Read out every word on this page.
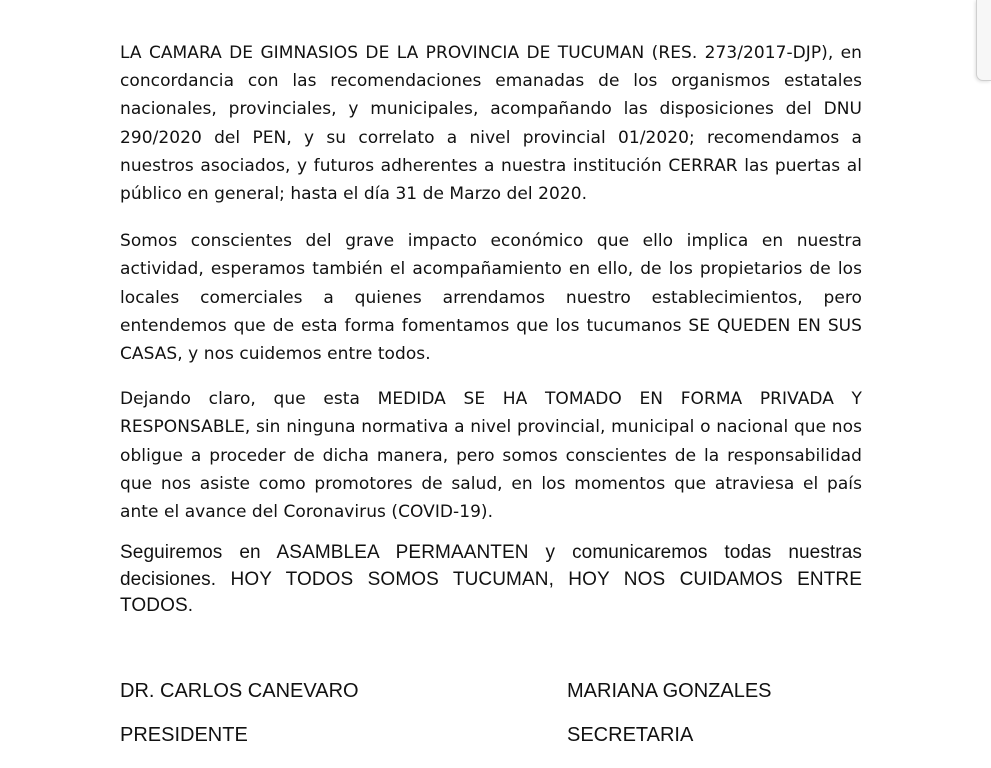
LA CAMARA DE GIMNASIOS DE LA PROVINCIA DE TUCUMAN (RES. 273/2017-DJP), en concordancia con las recomendaciones emanadas de los organismos estatales nacionales, provinciales, y municipales, acompañando las disposiciones del DNU 290/2020 del PEN, y su correlato a nivel provincial 01/2020; recomendamos a nuestros asociados, y futuros adherentes a nuestra institución CERRAR las puertas al público en general; hasta el día 31 de Marzo del 2020.

Somos conscientes del grave impacto económico que ello implica en nuestra actividad, esperamos también el acompañamiento en ello, de los propietarios de los locales comerciales a quienes arrendamos nuestro establecimientos, pero entendemos que de esta forma fomentamos que los tucumanos SE QUEDEN EN SUS CASAS, y nos cuidemos entre todos.

Dejando claro, que esta MEDIDA SE HA TOMADO EN FORMA PRIVADA Y RESPONSABLE, sin ninguna normativa a nivel provincial, municipal o nacional que nos obligue a proceder de dicha manera, pero somos conscientes de la responsabilidad que nos asiste como promotores de salud, en los momentos que atraviesa el país ante el avance del Coronavirus (COVID-19).

Seguiremos en ASAMBLEA PERMAANTEN y comunicaremos todas nuestras decisiones. HOY TODOS SOMOS TUCUMAN, HOY NOS CUIDAMOS ENTRE TODOS.

DR. CARLOS CANEVARO
PRESIDENTE
MARIANA GONZALES
SECRETARIA
